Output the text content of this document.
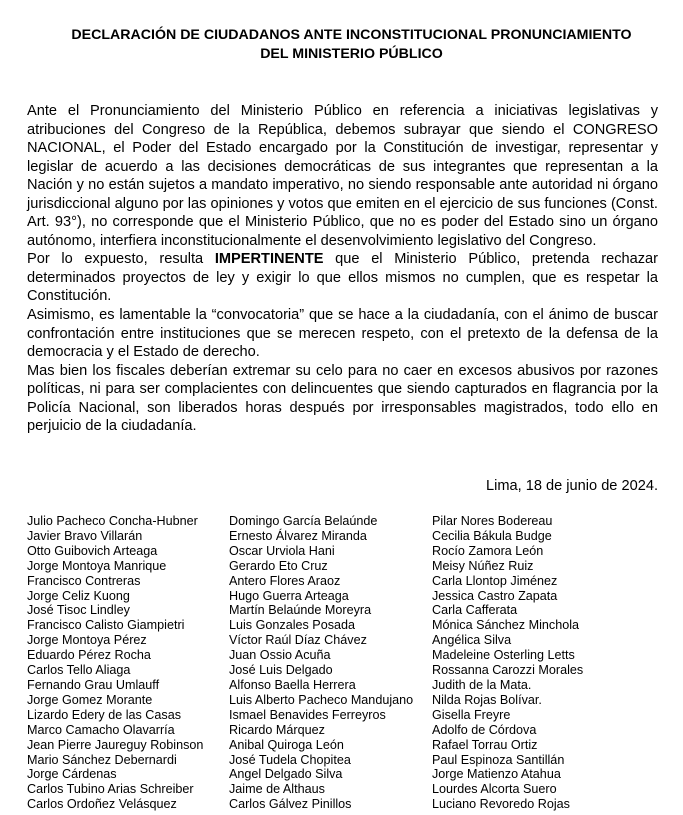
DECLARACIÓN DE CIUDADANOS ANTE INCONSTITUCIONAL PRONUNCIAMIENTO
DEL MINISTERIO PÚBLICO

Ante el Pronunciamiento del Ministerio Público en referencia a iniciativas legislativas y atribuciones del Congreso de la República, debemos subrayar que siendo el CONGRESO NACIONAL, el Poder del Estado encargado por la Constitución de investigar, representar y legislar de acuerdo a las decisiones democráticas de sus integrantes que representan a la Nación y no están sujetos a mandato imperativo, no siendo responsable ante autoridad ni órgano jurisdiccional alguno por las opiniones y votos que emiten en el ejercicio de sus funciones (Const. Art. 93°), no corresponde que el Ministerio Público, que no es poder del Estado sino un órgano autónomo, interfiera inconstitucionalmente el desenvolvimiento legislativo del Congreso.

Por lo expuesto, resulta IMPERTINENTE que el Ministerio Público, pretenda rechazar determinados proyectos de ley y exigir lo que ellos mismos no cumplen, que es respetar la Constitución.

Asimismo, es lamentable la “convocatoria” que se hace a la ciudadanía, con el ánimo de buscar confrontación entre instituciones que se merecen respeto, con el pretexto de la defensa de la democracia y el Estado de derecho.

Mas bien los fiscales deberían extremar su celo para no caer en excesos abusivos por razones políticas, ni para ser complacientes con delincuentes que siendo capturados en flagrancia por la Policía Nacional, son liberados horas después por irresponsables magistrados, todo ello en perjuicio de la ciudadanía.

Lima, 18 de junio de 2024.
Julio Pacheco Concha-Hubner
Javier Bravo Villarán
Otto Guibovich Arteaga
Jorge Montoya Manrique
Francisco Contreras
Jorge Celiz Kuong
José Tisoc Lindley
Francisco Calisto Giampietri
Jorge Montoya Pérez
Eduardo Pérez Rocha
Carlos Tello Aliaga
Fernando Grau Umlauff
Jorge Gomez Morante
Lizardo Edery de las Casas
Marco Camacho Olavarría
Jean Pierre Jaureguy Robinson
Mario Sánchez Debernardi
Jorge Cárdenas
Carlos Tubino Arias Schreiber
Carlos Ordoñez Velásquez
Domingo García Belaúnde
Ernesto Álvarez Miranda
Oscar Urviola Hani
Gerardo Eto Cruz
Antero Flores Araoz
Hugo Guerra Arteaga
Martín Belaúnde Moreyra
Luis Gonzales Posada
Víctor Raúl Díaz Chávez
Juan Ossio Acuña
José Luis Delgado
Alfonso Baella Herrera
Luis Alberto Pacheco Mandujano
Ismael Benavides Ferreyros
Ricardo Márquez
Anibal Quiroga León
José Tudela Chopitea
Angel Delgado Silva
Jaime de Althaus
Carlos Gálvez Pinillos
Pilar Nores Bodereau
Cecilia Bákula Budge
Rocío Zamora León
Meisy Núñez Ruiz
Carla Llontop Jiménez
Jessica Castro Zapata
Carla Cafferata
Mónica Sánchez Minchola
Angélica Silva
Madeleine Osterling Letts
Rossanna Carozzi Morales
Judith de la Mata.
Nilda Rojas Bolívar.
Gisella Freyre
Adolfo de Córdova
Rafael Torrau Ortiz
Paul Espinoza Santillán
Jorge Matienzo Atahua
Lourdes Alcorta Suero
Luciano Revoredo Rojas
